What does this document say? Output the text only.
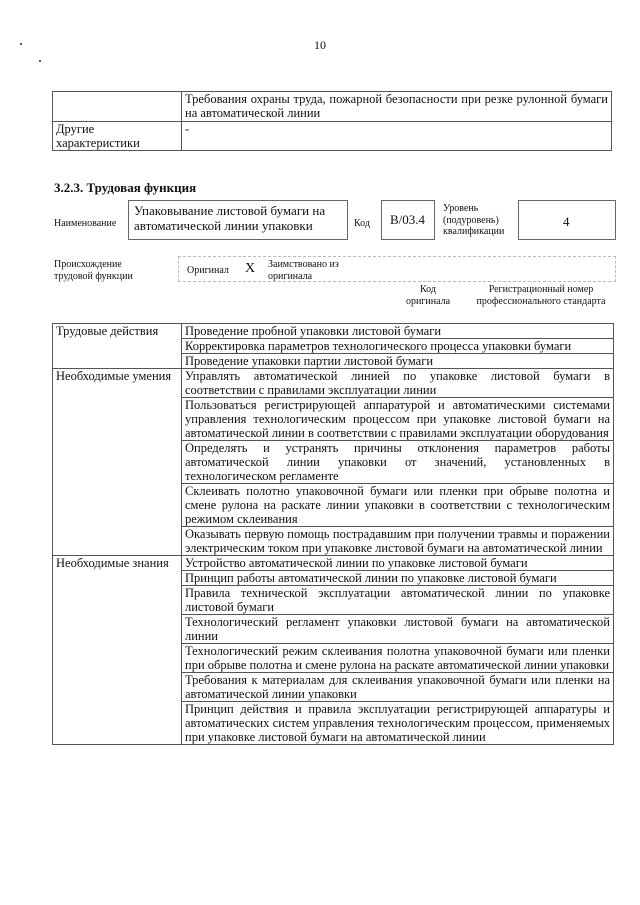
10
	Требования охраны труда, пожарной безопасности при резке рулонной бумаги на автоматической линии
Другие характеристики	-
3.2.3. Трудовая функция
Наименование
Упаковывание листовой бумаги на автоматической линии упаковки	Код B/03.4
Уровень (подуровень) квалификации
4
Происхождение трудовой функции	Оригинал X Заимствовано из оригинала
Код оригинала
Регистрационный номер профессионального стандарта
Трудовые действия	Проведение пробной упаковки листовой бумаги
	Корректировка параметров технологического процесса упаковки бумаги
	Проведение упаковки партии листовой бумаги
Необходимые умения	Управлять автоматической линией по упаковке листовой бумаги в соответствии с правилами эксплуатации линии
	Пользоваться регистрирующей аппаратурой и автоматическими системами управления технологическим процессом при упаковке листовой бумаги на автоматической линии в соответствии с правилами эксплуатации оборудования
	Определять и устранять причины отклонения параметров работы автоматической линии упаковки от значений, установленных в технологическом регламенте
	Склеивать полотно упаковочной бумаги или пленки при обрыве полотна и смене рулона на раскате линии упаковки в соответствии с технологическим режимом склеивания
	Оказывать первую помощь пострадавшим при получении травмы и поражении электрическим током при упаковке листовой бумаги на автоматической линии
Необходимые знания	Устройство автоматической линии по упаковке листовой бумаги
	Принцип работы автоматической линии по упаковке листовой бумаги
	Правила технической эксплуатации автоматической линии по упаковке листовой бумаги
	Технологический регламент упаковки листовой бумаги на автоматической линии
	Технологический режим склеивания полотна упаковочной бумаги или пленки при обрыве полотна и смене рулона на раскате автоматической линии упаковки
	Требования к материалам для склеивания упаковочной бумаги или пленки на автоматической линии упаковки
	Принцип действия и правила эксплуатации регистрирующей аппаратуры и автоматических систем управления технологическим процессом, применяемых при упаковке листовой бумаги на автоматической линии
